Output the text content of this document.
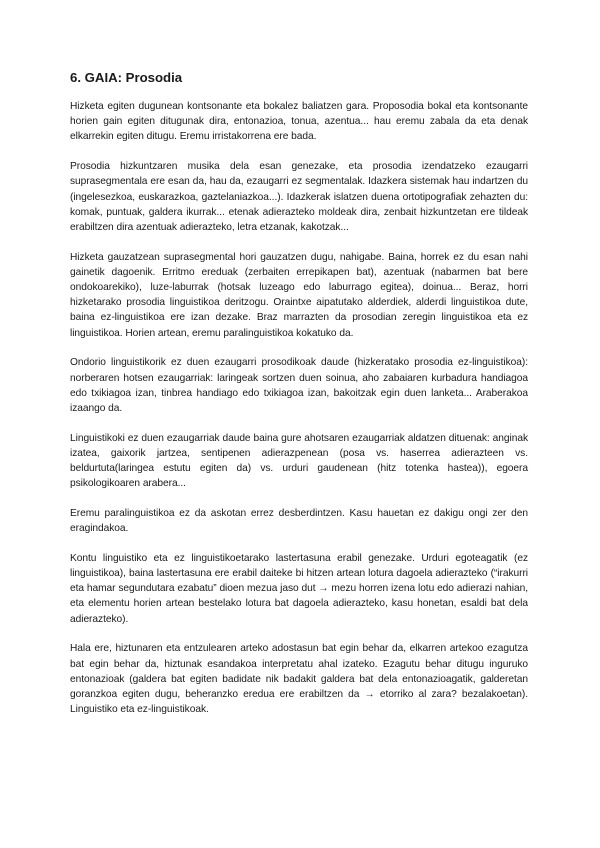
6. GAIA: Prosodia

Hizketa egiten dugunean kontsonante eta bokalez baliatzen gara. Proposodia bokal eta kontsonante horien gain egiten ditugunak dira, entonazioa, tonua, azentua... hau eremu zabala da eta denak elkarrekin egiten ditugu. Eremu irristakorrena ere bada.

Prosodia hizkuntzaren musika dela esan genezake, eta prosodia izendatzeko ezaugarri suprasegmentala ere esan da, hau da, ezaugarri ez segmentalak. Idazkera sistemak hau indartzen du (ingelesezkoa, euskarazkoa, gaztelaniazkoa...). Idazkerak islatzen duena ortotipografiak zehazten du: komak, puntuak, galdera ikurrak... etenak adierazteko moldeak dira, zenbait hizkuntzetan ere tildeak erabiltzen dira azentuak adierazteko, letra etzanak, kakotzak...

Hizketa gauzatzean suprasegmental hori gauzatzen dugu, nahigabe. Baina, horrek ez du esan nahi gainetik dagoenik. Erritmo ereduak (zerbaiten errepikapen bat), azentuak (nabarmen bat bere ondokoarekiko), luze-laburrak (hotsak luzeago edo laburrago egitea), doinua... Beraz, horri hizketarako prosodia linguistikoa deritzogu. Oraintxe aipatutako alderdiek, alderdi linguistikoa dute, baina ez-linguistikoa ere izan dezake. Braz marrazten da prosodian zeregin linguistikoa eta ez linguistikoa. Horien artean, eremu paralinguistikoa kokatuko da.

Ondorio linguistikorik ez duen ezaugarri prosodikoak daude (hizkeratako prosodia ez-linguistikoa): norberaren hotsen ezaugarriak: laringeak sortzen duen soinua, aho zabaiaren kurbadura handiagoa edo txikiagoa izan, tinbrea handiago edo txikiagoa izan, bakoitzak egin duen lanketa... Araberakoa izaango da.

Linguistikoki ez duen ezaugarriak daude baina gure ahotsaren ezaugarriak aldatzen dituenak: anginak izatea, gaixorik jartzea, sentipenen adierazpenean (posa vs. haserrea adierazteen vs. beldurtuta(laringea estutu egiten da) vs. urduri gaudenean (hitz totenka hastea)), egoera psikologikoaren arabera...

Eremu paralinguistikoa ez da askotan errez desberdintzen. Kasu hauetan ez dakigu ongi zer den eragindakoa.

Kontu linguistiko eta ez linguistikoetarako lastertasuna erabil genezake. Urduri egoteagatik (ez linguistikoa), baina lastertasuna ere erabil daiteke bi hitzen artean lotura dagoela adierazteko (“irakurri eta hamar segundutara ezabatu” dioen mezua jaso dut → mezu horren izena lotu edo adierazi nahian, eta elementu horien artean bestelako lotura bat dagoela adierazteko, kasu honetan, esaldi bat dela adierazteko).

Hala ere, hiztunaren eta entzulearen arteko adostasun bat egin behar da, elkarren artekoo ezagutza bat egin behar da, hiztunak esandakoa interpretatu ahal izateko. Ezagutu behar ditugu inguruko entonazioak (galdera bat egiten badidate nik badakit galdera bat dela entonazioagatik, galderetan goranzkoa egiten dugu, beheranzko eredua ere erabiltzen da → etorriko al zara? bezalakoetan). Linguistiko eta ez-linguistikoak.
